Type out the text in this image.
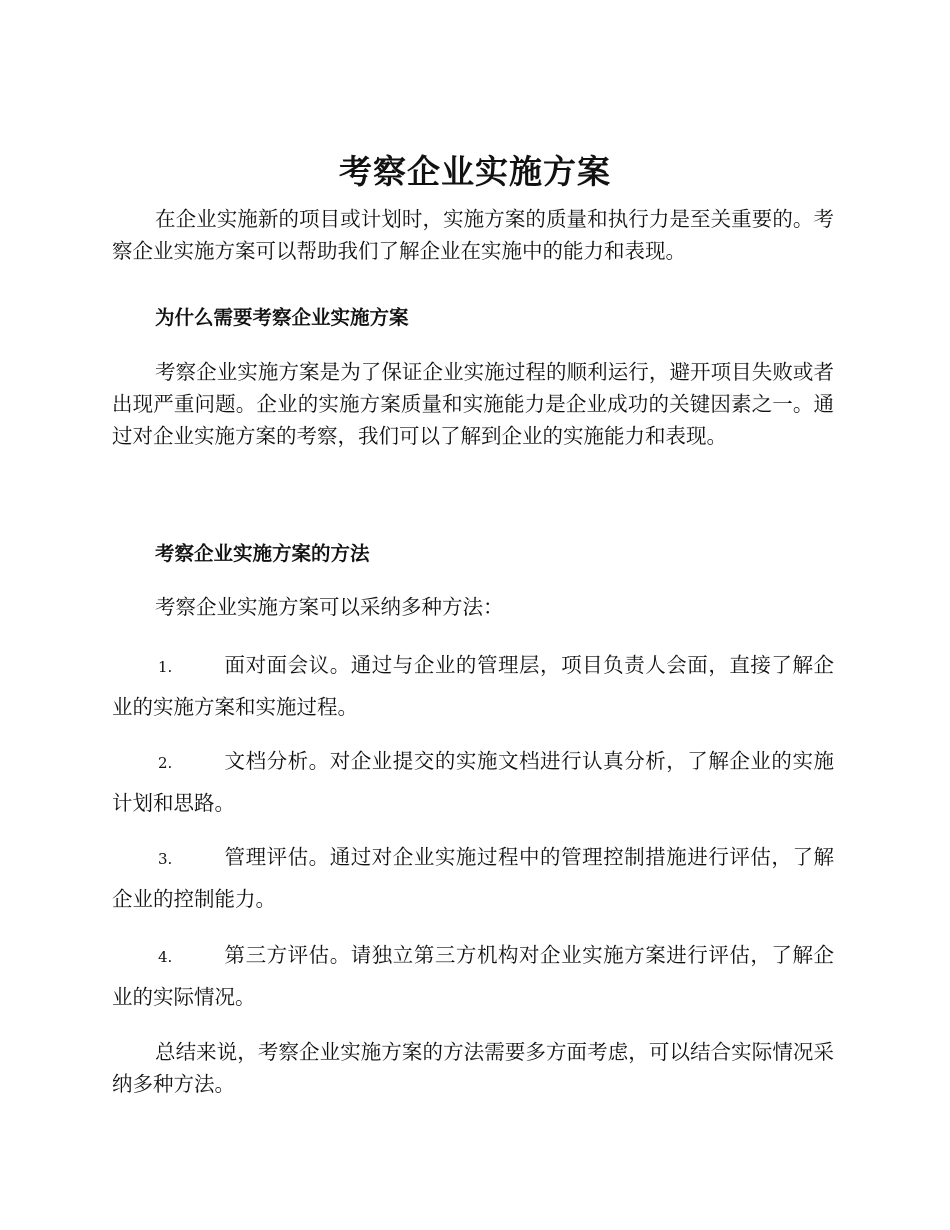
考察企业实施方案

在企业实施新的项目或计划时，实施方案的质量和执行力是至关重要的。考察企业实施方案可以帮助我们了解企业在实施中的能力和表现。

为什么需要考察企业实施方案

考察企业实施方案是为了保证企业实施过程的顺利运行，避开项目失败或者出现严重问题。企业的实施方案质量和实施能力是企业成功的关键因素之一。通过对企业实施方案的考察，我们可以了解到企业的实施能力和表现。

考察企业实施方案的方法

考察企业实施方案可以采纳多种方法：

1.	面对面会议。通过与企业的管理层，项目负责人会面，直接了解企业的实施方案和实施过程。

2.	文档分析。对企业提交的实施文档进行认真分析，了解企业的实施计划和思路。

3.	管理评估。通过对企业实施过程中的管理控制措施进行评估，了解企业的控制能力。

4.	第三方评估。请独立第三方机构对企业实施方案进行评估，了解企业的实际情况。

总结来说，考察企业实施方案的方法需要多方面考虑，可以结合实际情况采纳多种方法。
